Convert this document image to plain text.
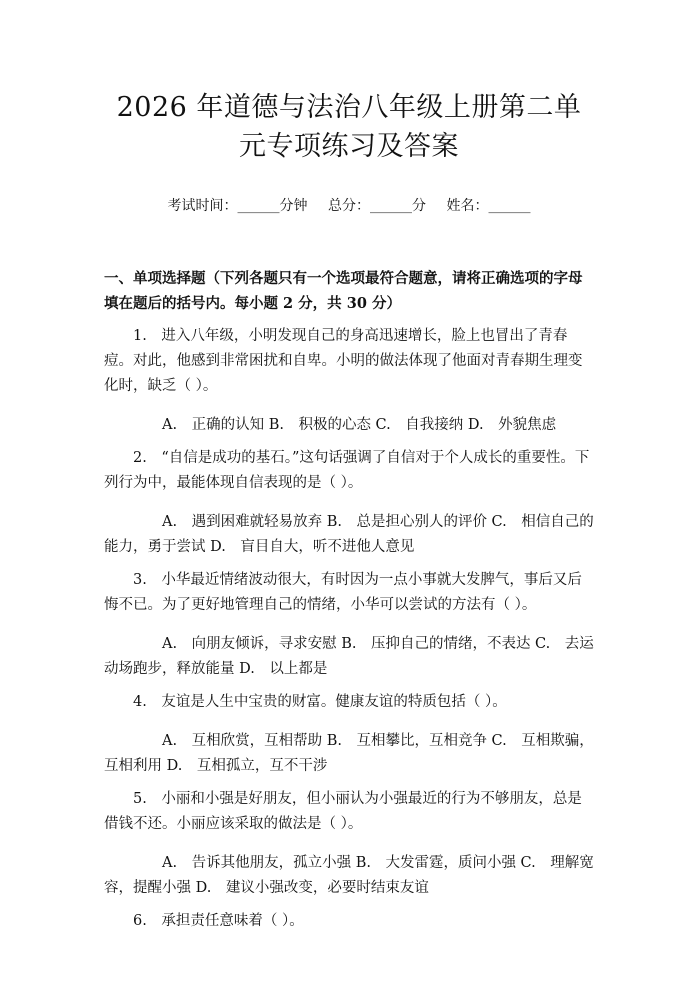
2026 年道德与法治八年级上册第二单元专项练习及答案
考试时间：______分钟 总分：______分 姓名：______
一、单项选择题（下列各题只有一个选项最符合题意，请将正确选项的字母填在题后的括号内。每小题 2 分，共 30 分）
1.　进入八年级，小明发现自己的身高迅速增长，脸上也冒出了青春痘。对此，他感到非常困扰和自卑。小明的做法体现了他面对青春期生理变化时，缺乏（ ）。
A.　正确的认知 B.　积极的心态 C.　自我接纳 D.　外貌焦虑
2.　“自信是成功的基石。”这句话强调了自信对于个人成长的重要性。下列行为中，最能体现自信表现的是（ ）。
A.　遇到困难就轻易放弃 B.　总是担心别人的评价 C.　相信自己的能力，勇于尝试 D.　盲目自大，听不进他人意见
3.　小华最近情绪波动很大，有时因为一点小事就大发脾气，事后又后悔不已。为了更好地管理自己的情绪，小华可以尝试的方法有（ ）。
A.　向朋友倾诉，寻求安慰 B.　压抑自己的情绪，不表达 C.　去运动场跑步，释放能量 D.　以上都是
4.　友谊是人生中宝贵的财富。健康友谊的特质包括（ ）。
A.　互相欣赏，互相帮助 B.　互相攀比，互相竞争 C.　互相欺骗，互相利用 D.　互相孤立，互不干涉
5.　小丽和小强是好朋友，但小丽认为小强最近的行为不够朋友，总是借钱不还。小丽应该采取的做法是（ ）。
A.　告诉其他朋友，孤立小强 B.　大发雷霆，质问小强 C.　理解宽容，提醒小强 D.　建议小强改变，必要时结束友谊
6.　承担责任意味着（ ）。
